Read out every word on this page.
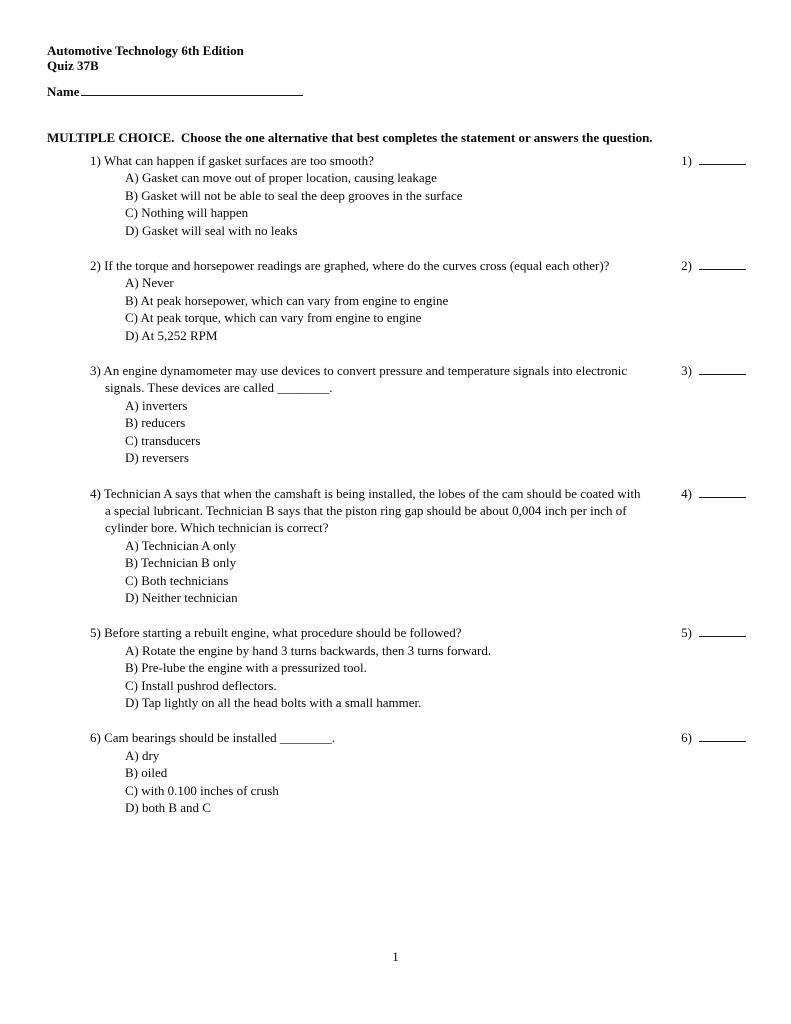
Automotive Technology 6th Edition
Quiz 37B
Name
MULTIPLE CHOICE.  Choose the one alternative that best completes the statement or answers the question.

1) What can happen if gasket surfaces are too smooth?

A) Gasket can move out of proper location, causing leakage

B) Gasket will not be able to seal the deep grooves in the surface

C) Nothing will happen

D) Gasket will seal with no leaks

1)

2) If the torque and horsepower readings are graphed, where do the curves cross (equal each other)?

A) Never

B) At peak horsepower, which can vary from engine to engine

C) At peak torque, which can vary from engine to engine

D) At 5,252 RPM

2)

3) An engine dynamometer may use devices to convert pressure and temperature signals into electronic signals. These devices are called ________.

A) inverters

B) reducers

C) transducers

D) reversers

3)

4) Technician A says that when the camshaft is being installed, the lobes of the cam should be coated with a special lubricant. Technician B says that the piston ring gap should be about 0,004 inch per inch of cylinder bore. Which technician is correct?

A) Technician A only

B) Technician B only

C) Both technicians

D) Neither technician

4)

5) Before starting a rebuilt engine, what procedure should be followed?

A) Rotate the engine by hand 3 turns backwards, then 3 turns forward.

B) Pre-lube the engine with a pressurized tool.

C) Install pushrod deflectors.

D) Tap lightly on all the head bolts with a small hammer.

5)

6) Cam bearings should be installed ________.

A) dry

B) oiled

C) with 0.100 inches of crush

D) both B and C

6)
1
